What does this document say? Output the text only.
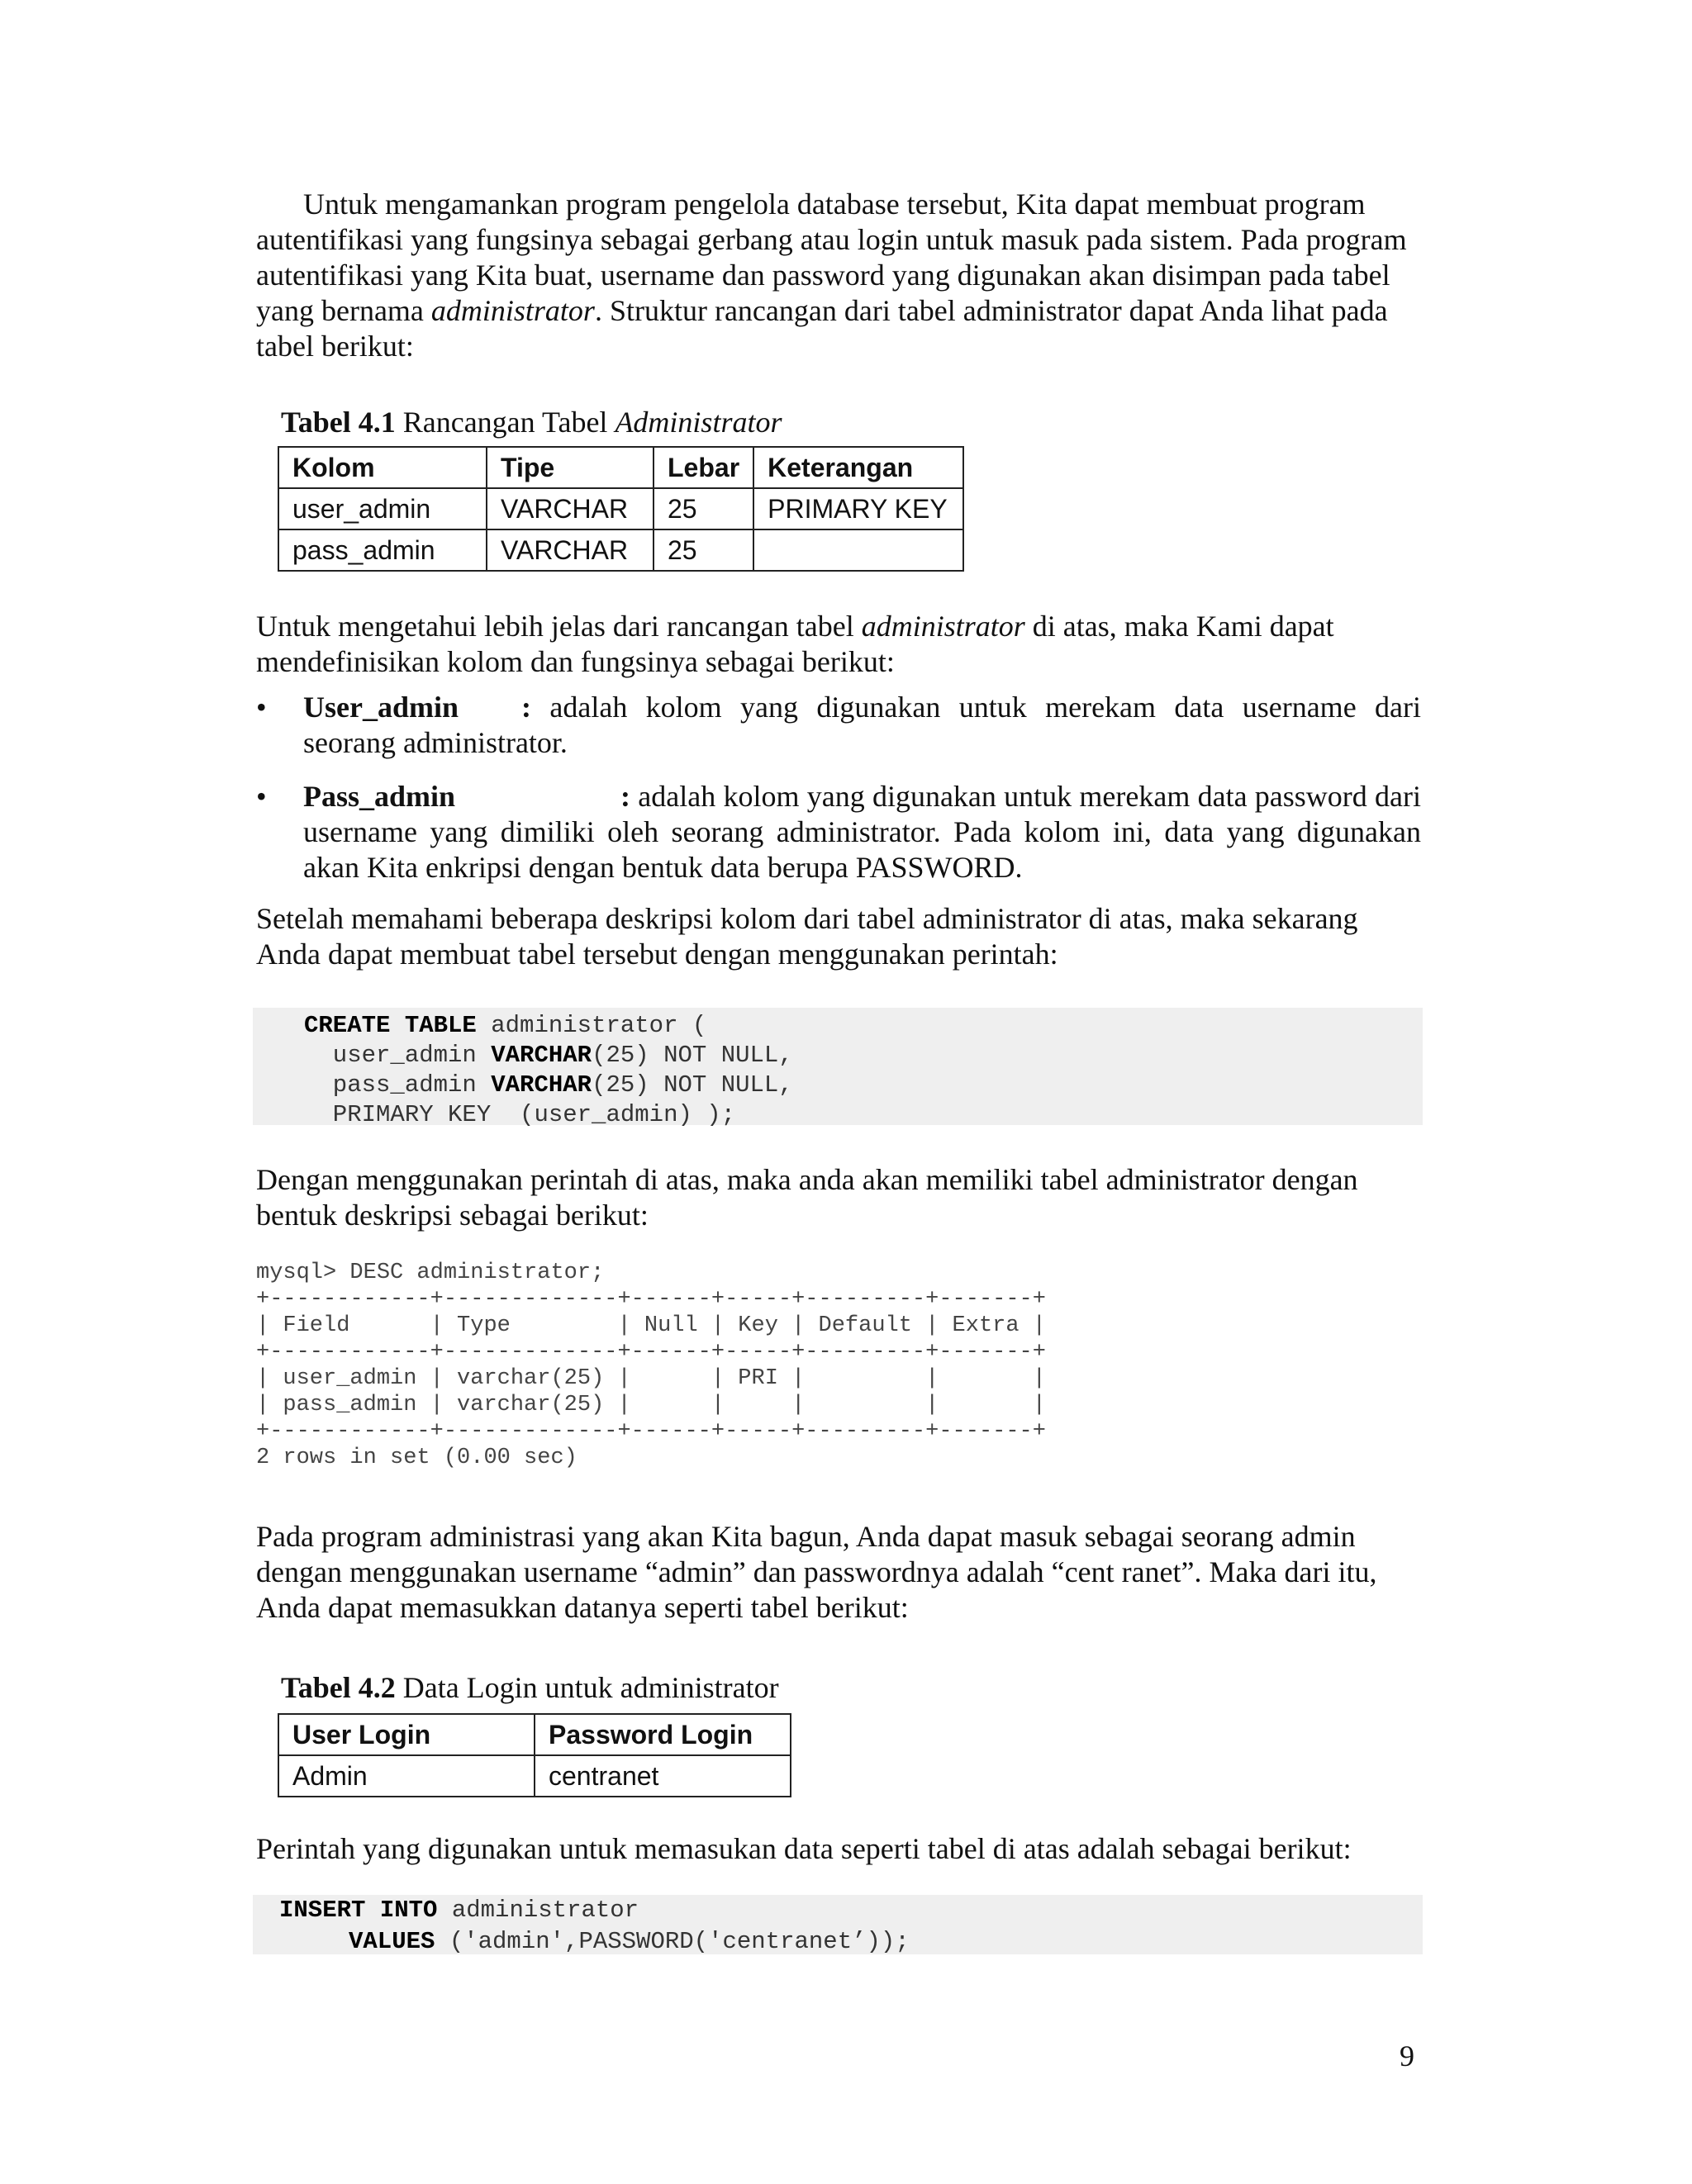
Untuk mengamankan program pengelola database tersebut, Kita dapat membuat program autentifikasi yang fungsinya sebagai gerbang atau login untuk masuk pada sistem. Pada program autentifikasi yang Kita buat, username dan password yang digunakan akan disimpan pada tabel yang bernama administrator. Struktur rancangan dari tabel administrator dapat Anda lihat pada tabel berikut:

Tabel 4.1 Rancangan Tabel Administrator
Kolom	Tipe	Lebar	Keterangan
user_admin	VARCHAR	25	PRIMARY KEY
pass_admin	VARCHAR	25	

Untuk mengetahui lebih jelas dari rancangan tabel administrator di atas, maka Kami dapat mendefinisikan kolom dan fungsinya sebagai berikut:

• User_admin : adalah kolom yang digunakan untuk merekam data username dari seorang administrator.
• Pass_admin	: adalah kolom yang digunakan untuk merekam data password dari username yang dimiliki oleh seorang administrator. Pada kolom ini, data yang digunakan akan Kita enkripsi dengan bentuk data berupa PASSWORD.

Setelah memahami beberapa deskripsi kolom dari tabel administrator di atas, maka sekarang Anda dapat membuat tabel tersebut dengan menggunakan perintah:

CREATE TABLE administrator (
user_admin VARCHAR(25) NOT NULL,
pass_admin VARCHAR(25) NOT NULL,
PRIMARY KEY  (user_admin) );

Dengan menggunakan perintah di atas, maka anda akan memiliki tabel administrator dengan bentuk deskripsi sebagai berikut:

mysql> DESC administrator;
+------------+-------------+------+-----+---------+-------+
| Field      | Type        | Null | Key | Default | Extra |
+------------+-------------+------+-----+---------+-------+
| user_admin | varchar(25) |      | PRI |         |       |
| pass_admin | varchar(25) |      |     |         |       |
+------------+-------------+------+-----+---------+-------+
2 rows in set (0.00 sec)

Pada program administrasi yang akan Kita bagun, Anda dapat masuk sebagai seorang admin dengan menggunakan username “admin” dan passwordnya adalah “cent ranet”. Maka dari itu, Anda dapat memasukkan datanya seperti tabel berikut:

Tabel 4.2 Data Login untuk administrator
User Login	Password Login
Admin	centranet

Perintah yang digunakan untuk memasukan data seperti tabel di atas adalah sebagai berikut:

INSERT INTO administrator
VALUES ('admin',PASSWORD('centranet’));
9
